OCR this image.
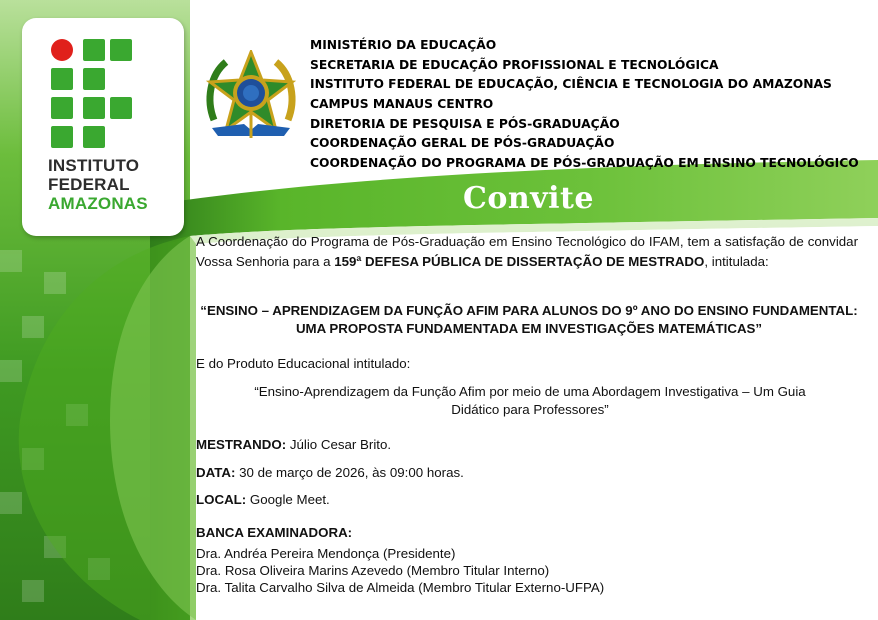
INSTITUTO
FEDERAL
AMAZONAS
MINISTÉRIO DA EDUCAÇÃO
SECRETARIA DE EDUCAÇÃO PROFISSIONAL E TECNOLÓGICA
INSTITUTO FEDERAL DE EDUCAÇÃO, CIÊNCIA E TECNOLOGIA DO AMAZONAS
CAMPUS MANAUS CENTRO
DIRETORIA DE PESQUISA E PÓS-GRADUAÇÃO
COORDENAÇÃO GERAL DE PÓS-GRADUAÇÃO
COORDENAÇÃO DO PROGRAMA DE PÓS-GRADUAÇÃO EM ENSINO TECNOLÓGICO
Convite
A Coordenação do Programa de Pós-Graduação em Ensino Tecnológico do IFAM, tem a satisfação de convidar Vossa Senhoria para a 159ª DEFESA PÚBLICA DE DISSERTAÇÃO DE MESTRADO, intitulada:
“ENSINO – APRENDIZAGEM DA FUNÇÃO AFIM PARA ALUNOS DO 9º ANO DO ENSINO FUNDAMENTAL: UMA PROPOSTA FUNDAMENTADA EM INVESTIGAÇÕES MATEMÁTICAS”
E do Produto Educacional intitulado:
“Ensino-Aprendizagem da Função Afim por meio de uma Abordagem Investigativa – Um Guia Didático para Professores”
MESTRANDO: Júlio Cesar Brito.
DATA: 30 de março de 2026, às 09:00 horas.
LOCAL: Google Meet.
BANCA EXAMINADORA:
Dra. Andréa Pereira Mendonça (Presidente)
Dra. Rosa Oliveira Marins Azevedo (Membro Titular Interno)
Dra. Talita Carvalho Silva de Almeida (Membro Titular Externo-UFPA)
